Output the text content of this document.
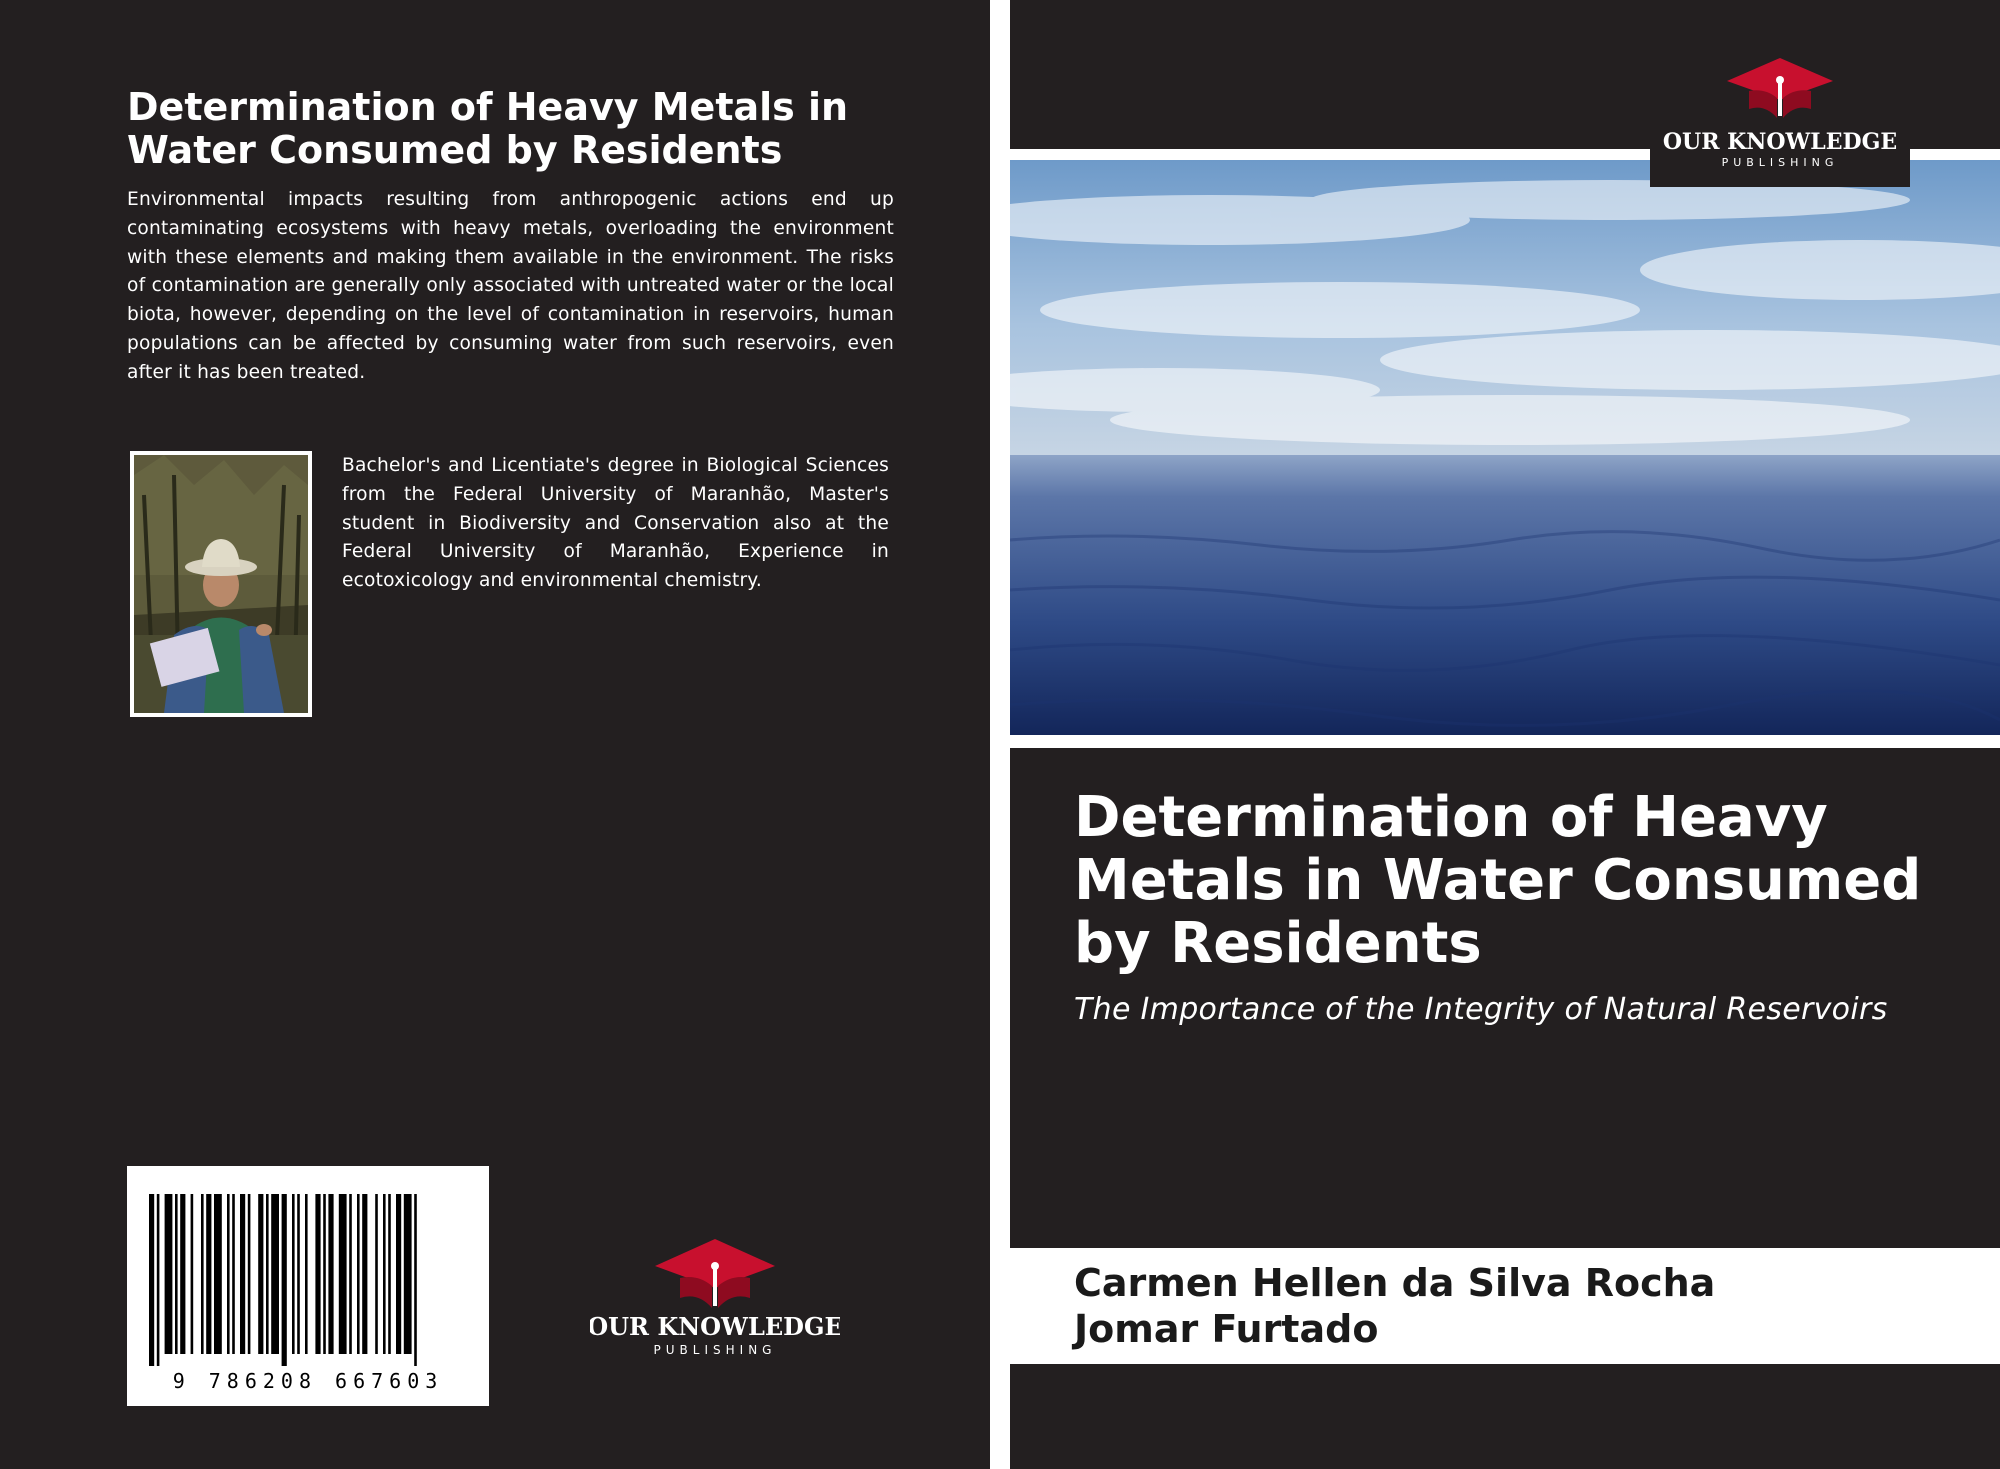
Determination of Heavy Metals in Water Consumed by Residents

Environmental impacts resulting from anthropogenic actions end up contaminating ecosystems with heavy metals, overloading the environment with these elements and making them available in the environment. The risks of contamination are generally only associated with untreated water or the local biota, however, depending on the level of contamination in reservoirs, human populations can be affected by consuming water from such reservoirs, even after it has been treated.

Bachelor's and Licentiate's degree in Biological Sciences from the Federal University of Maranhão, Master's student in Biodiversity and Conservation also at the Federal University of Maranhão, Experience in ecotoxicology and environmental chemistry.

9 786208 667603
OUR KNOWLEDGE
PUBLISHING
OUR KNOWLEDGE
PUBLISHING
Determination of Heavy Metals in Water Consumed by Residents

The Importance of the Integrity of Natural Reservoirs

Carmen Hellen da Silva Rocha
Jomar Furtado
